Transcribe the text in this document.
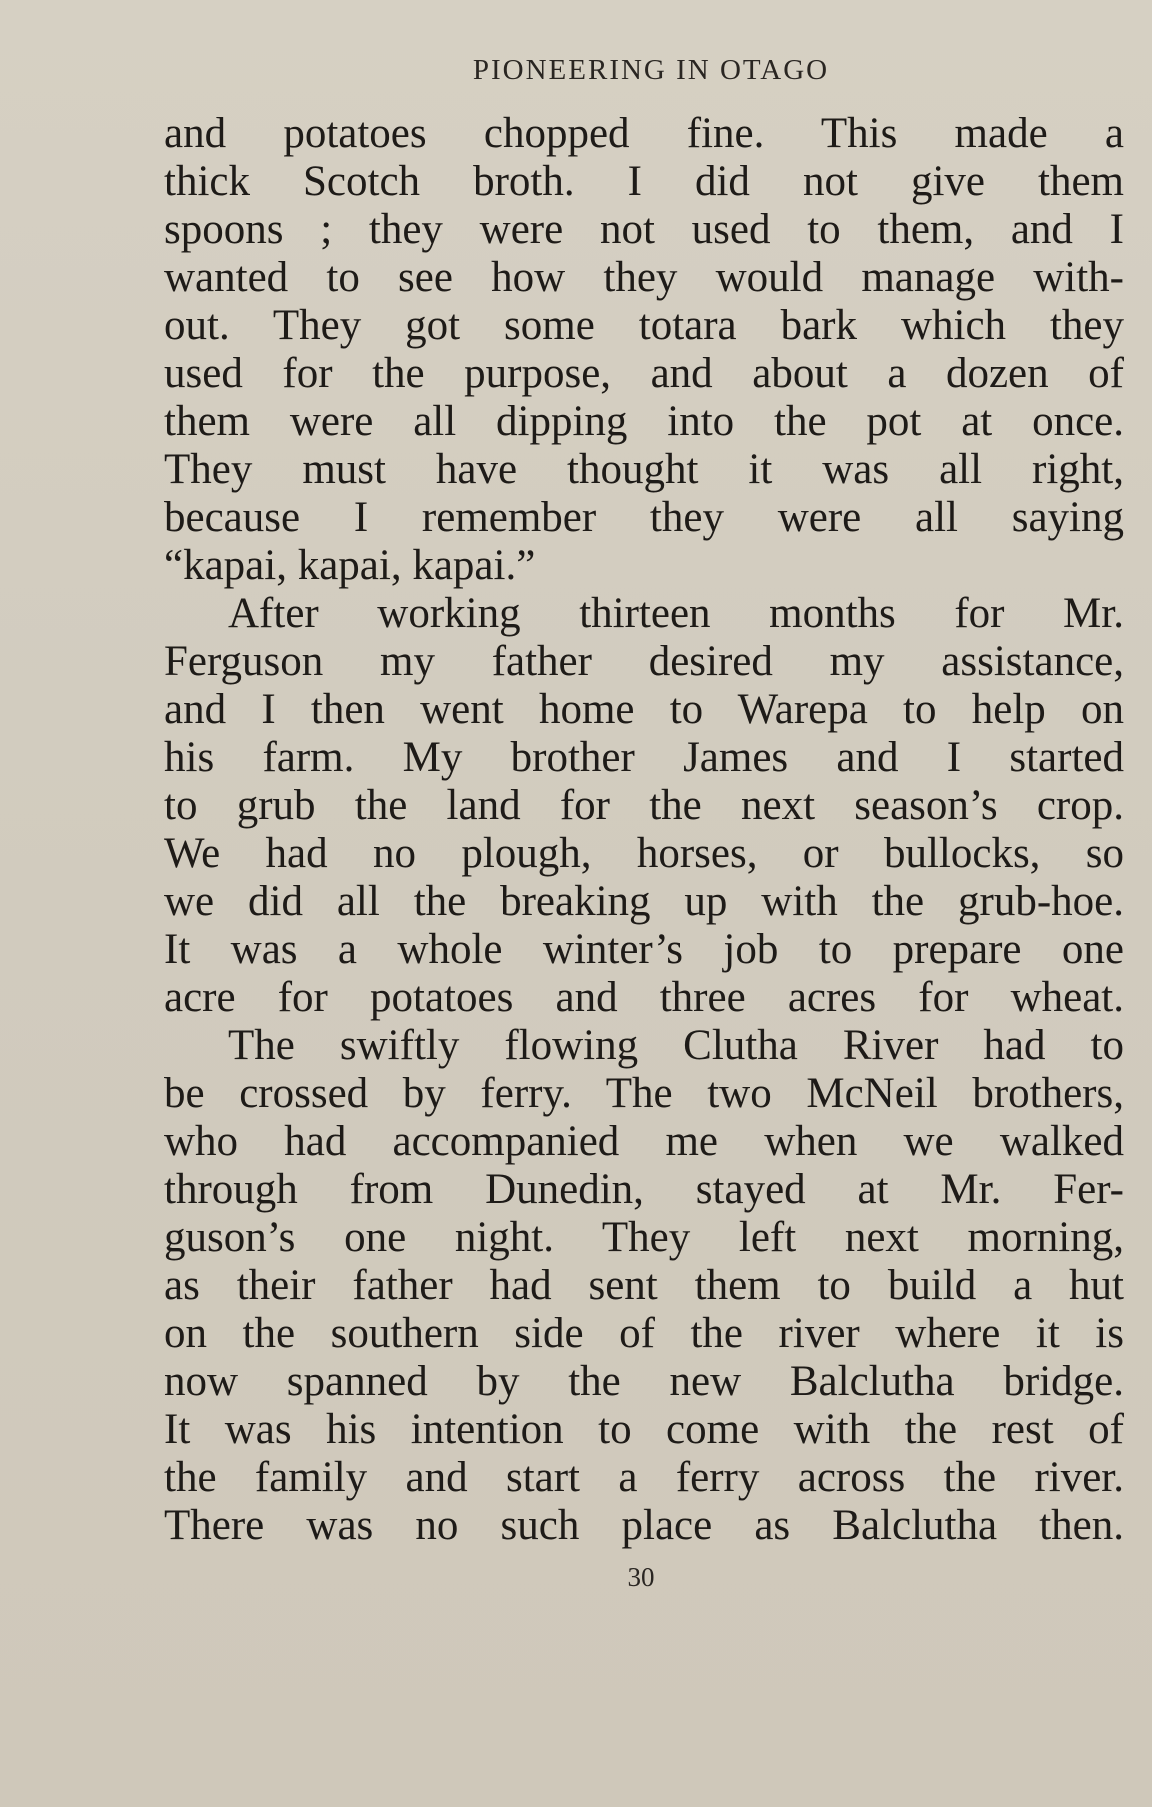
PIONEERING IN OTAGO
and potatoes chopped fine. This made a
thick Scotch broth. I did not give them
spoons ; they were not used to them, and I
wanted to see how they would manage with-
out. They got some totara bark which they
used for the purpose, and about a dozen of
them were all dipping into the pot at once.
They must have thought it was all right,
because I remember they were all saying
“kapai, kapai, kapai.”
After working thirteen months for Mr.
Ferguson my father desired my assistance,
and I then went home to Warepa to help on
his farm. My brother James and I started
to grub the land for the next season’s crop.
We had no plough, horses, or bullocks, so
we did all the breaking up with the grub-hoe.
It was a whole winter’s job to prepare one
acre for potatoes and three acres for wheat.
The swiftly flowing Clutha River had to
be crossed by ferry. The two McNeil brothers,
who had accompanied me when we walked
through from Dunedin, stayed at Mr. Fer-
guson’s one night. They left next morning,
as their father had sent them to build a hut
on the southern side of the river where it is
now spanned by the new Balclutha bridge.
It was his intention to come with the rest of
the family and start a ferry across the river.
There was no such place as Balclutha then.
30
